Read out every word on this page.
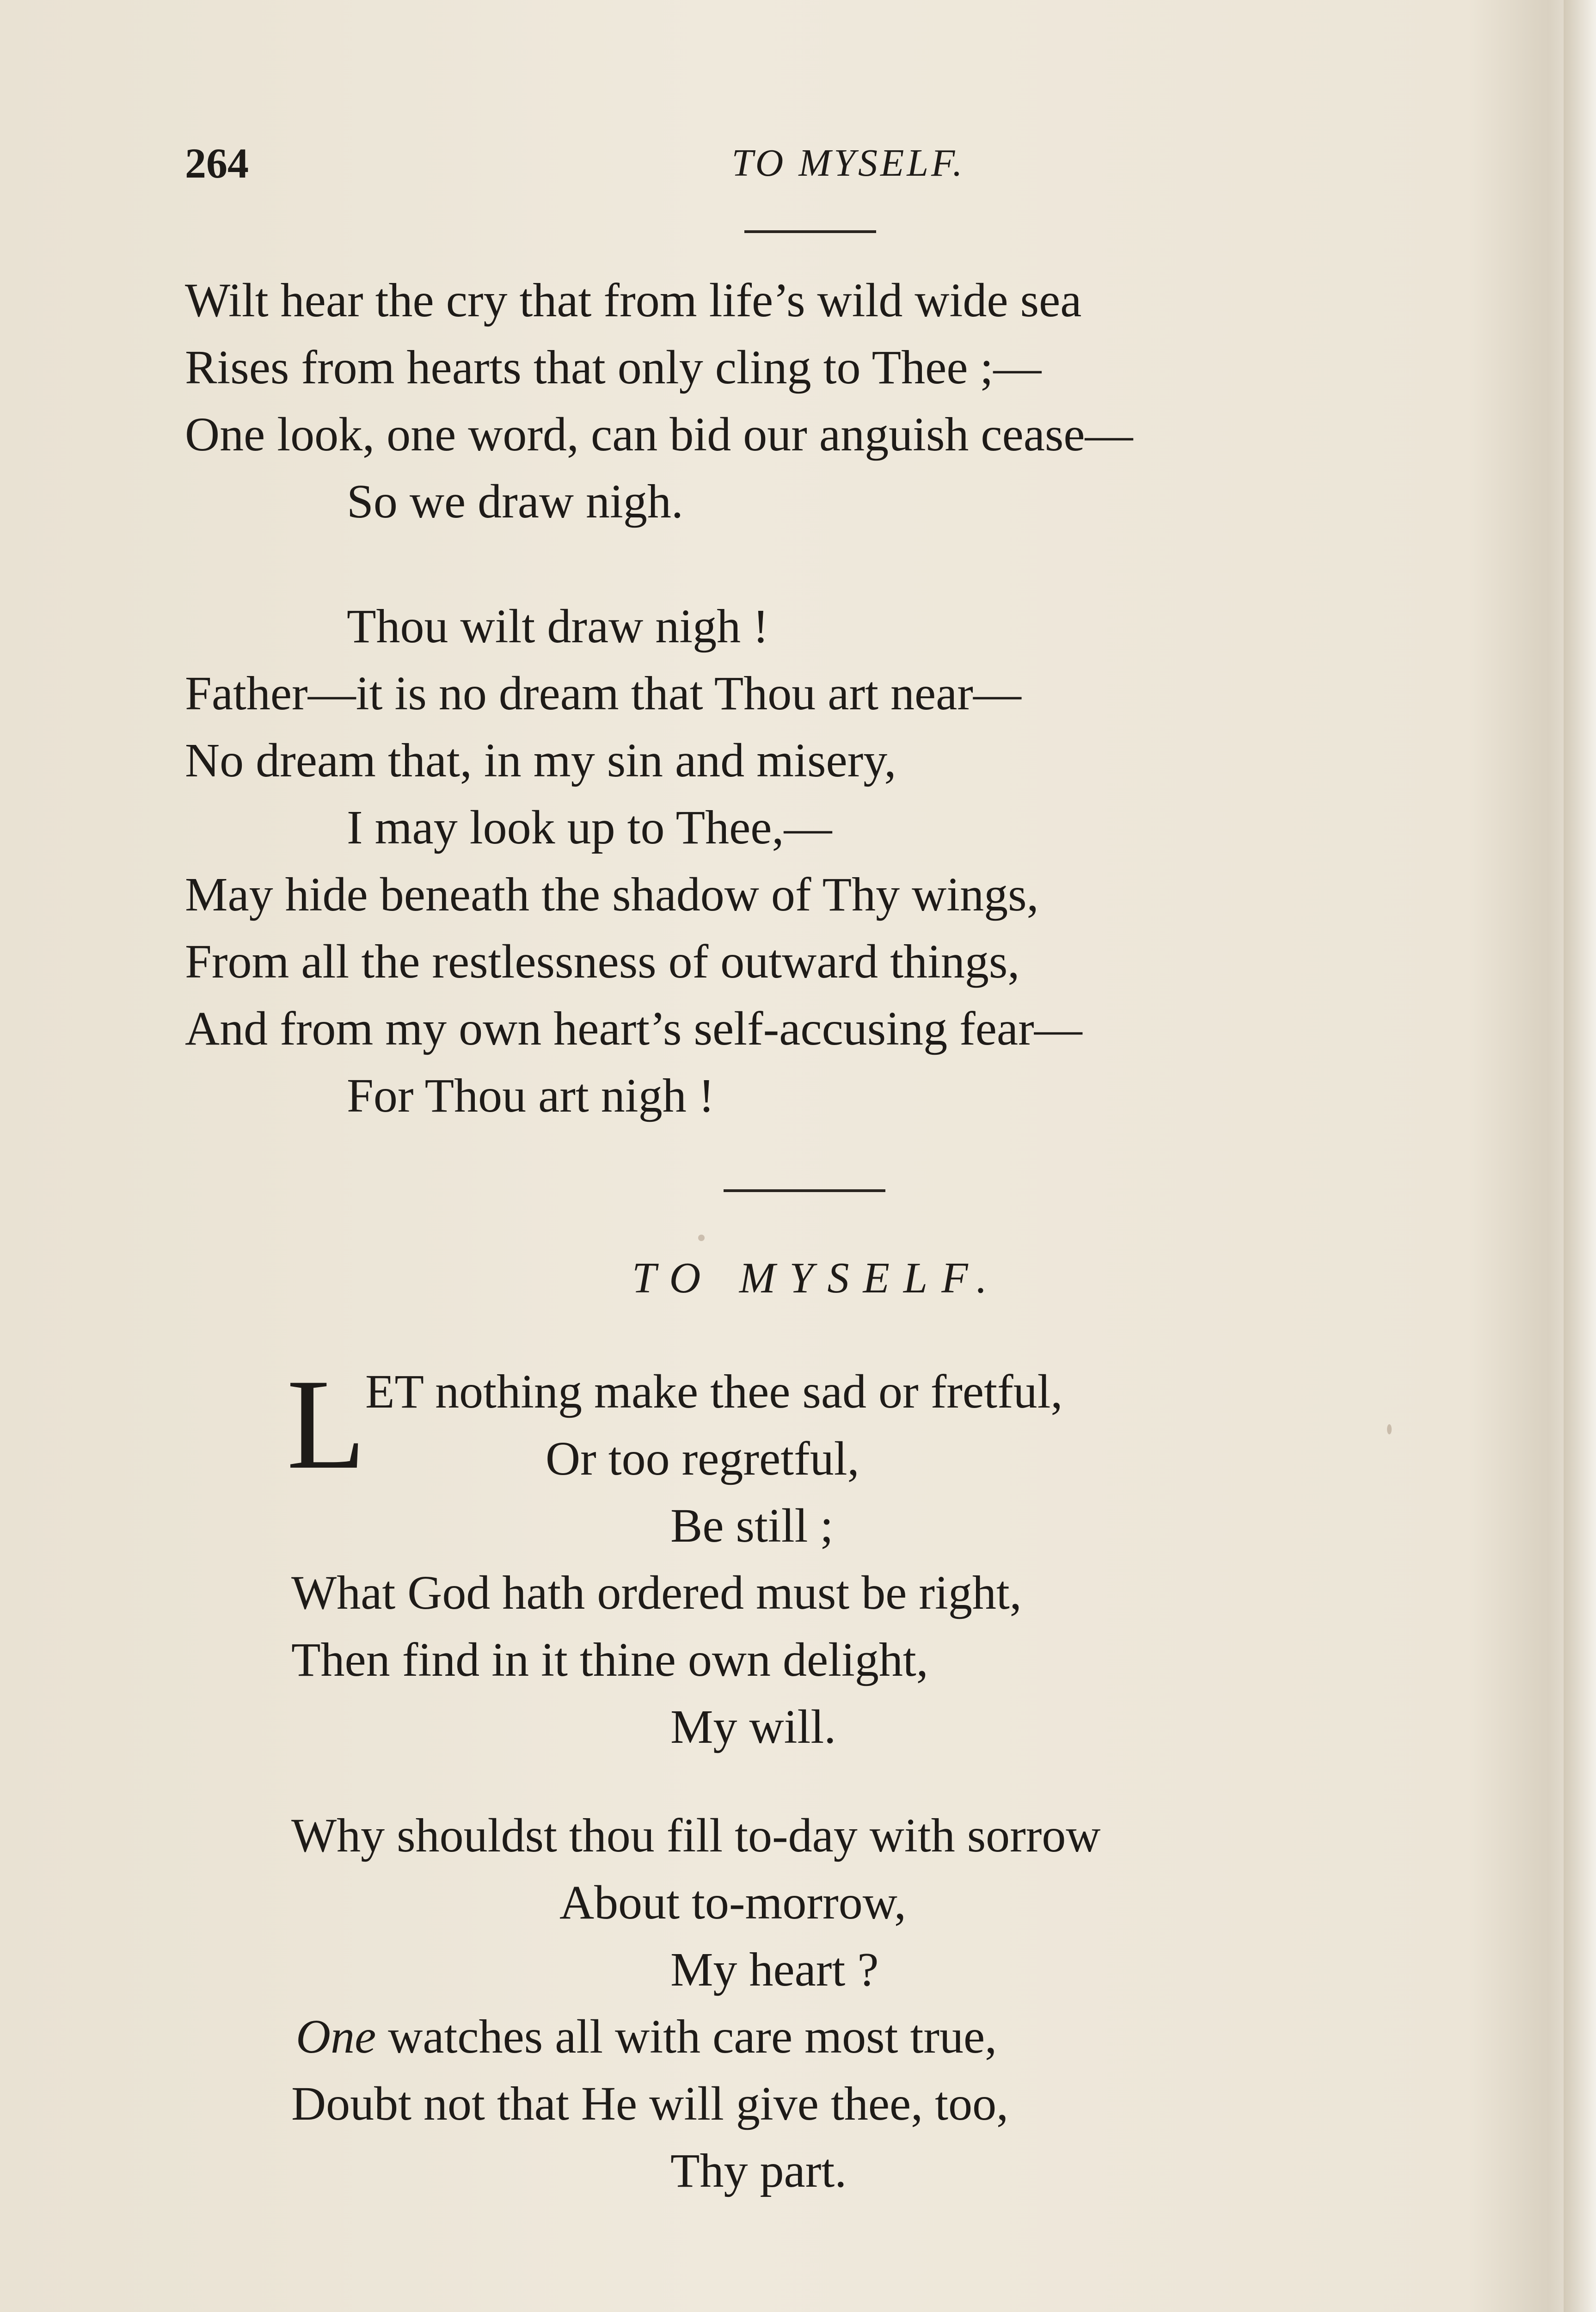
264	TO MYSELF.
Wilt hear the cry that from life’s wild wide sea
Rises from hearts that only cling to Thee ;—
One look, one word, can bid our anguish cease—
So we draw nigh.
Thou wilt draw nigh !
Father—it is no dream that Thou art near—
No dream that, in my sin and misery,
I may look up to Thee,—
May hide beneath the shadow of Thy wings,
From all the restlessness of outward things,
And from my own heart’s self-accusing fear—
For Thou art nigh !
TO MYSELF.
L
ET nothing make thee sad or fretful,
Or too regretful,
Be still ;
What God hath ordered must be right,
Then find in it thine own delight,
My will.
Why shouldst thou fill to-day with sorrow
About to-morrow,
My heart ?
One watches all with care most true,
Doubt not that He will give thee, too,
Thy part.
